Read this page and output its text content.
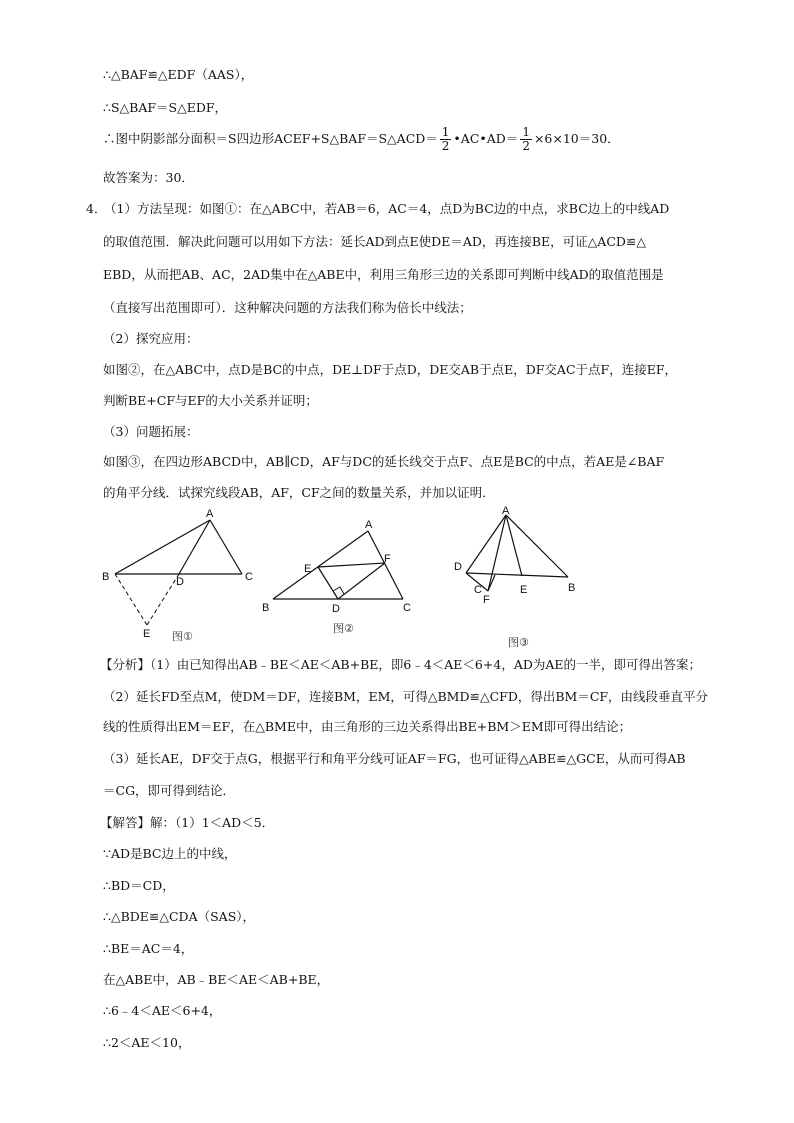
∴△BAF≌△EDF（AAS），
∴S△BAF＝S△EDF，
∴图中阴影部分面积＝S四边形ACEF+S△BAF＝S△ACD＝ $\frac{1}{2}$ •AC•AD＝ $\frac{1}{2} \times 6\times 10=30$．
故答案为：30．
4．
（1）方法呈现：如图①：在△ABC中，若AB＝6，AC＝4，点D为BC边的中点，求BC边上的中线AD
的取值范围．解决此问题可以用如下方法：延长AD到点E使DE＝AD，再连接BE，可证△ACD≌△
EBD，从而把AB、AC，2AD集中在△ABE中，利用三角形三边的关系即可判断中线AD的取值范围是
（直接写出范围即可）．这种解决问题的方法我们称为倍长中线法；
（2）探究应用：
如图②，在△ABC中，点D是BC的中点，DE⊥DF于点D，DE交AB于点E，DF交AC于点F，连接EF，
判断BE+CF与EF的大小关系并证明；
（3）问题拓展：
如图③，在四边形ABCD中，AB∥CD，AF与DC的延长线交于点F、点E是BC的中点，若AE是∠BAF
的角平分线．试探究线段AB，AF，CF之间的数量关系，并加以证明．
A
B	C
D
E 图①
A
B	C
D
E
F
图②
A
B
C
D
E
F
图③
【分析】（1）由已知得出AB﹣BE＜AE＜AB+BE，即6﹣4＜AE＜6+4，AD为AE的一半，即可得出答案；
（2）延长FD至点M，使DM＝DF，连接BM，EM，可得△BMD≌△CFD，得出BM＝CF，由线段垂直平分
线的性质得出EM＝EF，在△BME中，由三角形的三边关系得出BE+BM＞EM即可得出结论；
（3）延长AE，DF交于点G，根据平行和角平分线可证AF＝FG，也可证得△ABE≌△GCE，从而可得AB
＝CG，即可得到结论．
【解答】解：（1）1＜AD＜5．
∵AD是BC边上的中线，
∴BD＝CD，
∴△BDE≌△CDA（SAS），
∴BE＝AC＝4，
在△ABE中，AB﹣BE＜AE＜AB+BE，
∴6﹣4＜AE＜6+4，
∴2＜AE＜10，
